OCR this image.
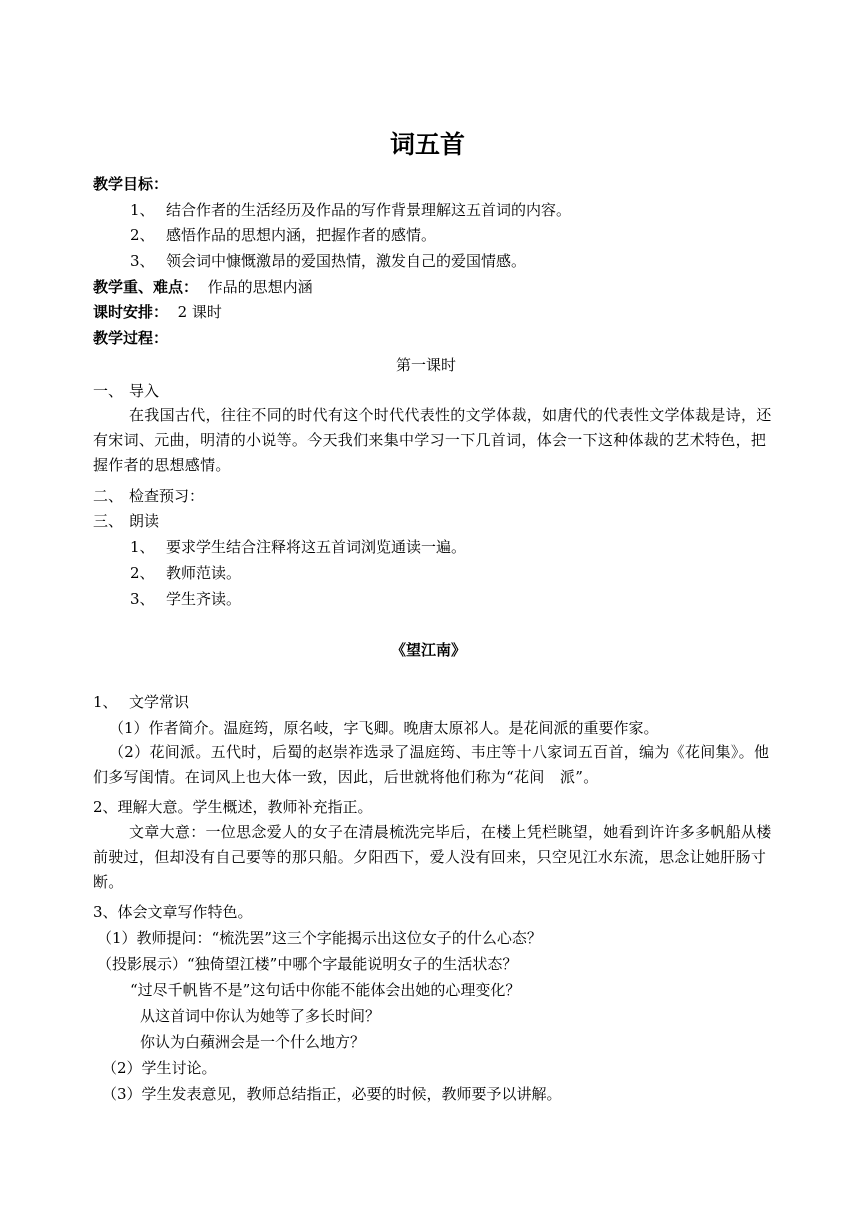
词五首
教学目标：
1、 结合作者的生活经历及作品的写作背景理解这五首词的内容。
2、 感悟作品的思想内涵，把握作者的感情。
3、 领会词中慷慨激昂的爱国热情，激发自己的爱国情感。
教学重、难点： 作品的思想内涵
课时安排： 2 课时
教学过程：
第一课时
一、 导入
在我国古代，往往不同的时代有这个时代代表性的文学体裁，如唐代的代表性文学体裁是诗，还有宋词、元曲，明清的小说等。今天我们来集中学习一下几首词，体会一下这种体裁的艺术特色，把握作者的思想感情。
二、 检查预习：
三、 朗读
1、 要求学生结合注释将这五首词浏览通读一遍。
2、 教师范读。
3、 学生齐读。
《望江南》
1、 文学常识
（1）作者简介。温庭筠，原名岐，字飞卿。晚唐太原祁人。是花间派的重要作家。
（2）花间派。五代时，后蜀的赵崇祚选录了温庭筠、韦庄等十八家词五百首，编为《花间集》。他们多写闺情。在词风上也大体一致，因此，后世就将他们称为“花间　派”。
2、理解大意。学生概述，教师补充指正。
文章大意：一位思念爱人的女子在清晨梳洗完毕后，在楼上凭栏眺望，她看到许许多多帆船从楼前驶过，但却没有自己要等的那只船。夕阳西下，爱人没有回来，只空见江水东流，思念让她肝肠寸断。
3、体会文章写作特色。
（1）教师提问：“梳洗罢”这三个字能揭示出这位女子的什么心态？
（投影展示）“独倚望江楼”中哪个字最能说明女子的生活状态？
“过尽千帆皆不是”这句话中你能不能体会出她的心理变化？
从这首词中你认为她等了多长时间？
你认为白蘋洲会是一个什么地方？
（2）学生讨论。
（3）学生发表意见，教师总结指正，必要的时候，教师要予以讲解。
